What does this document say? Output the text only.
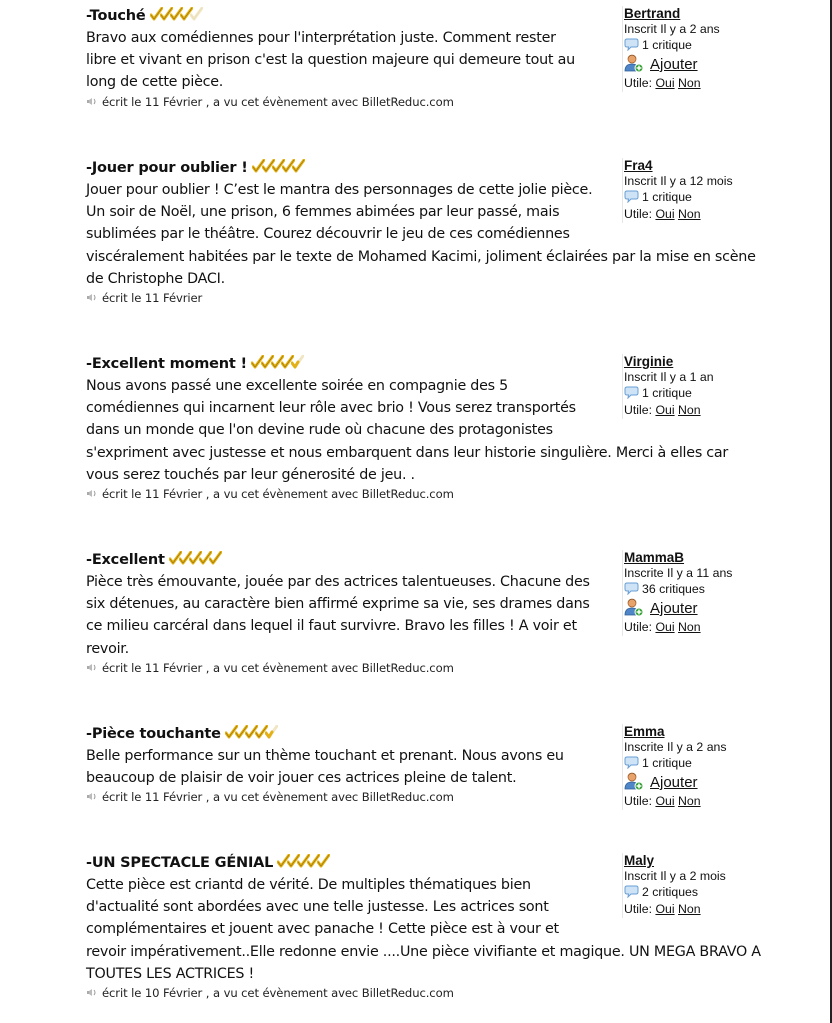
-Touché
Bravo aux comédiennes pour l'interprétation juste. Comment rester
libre et vivant en prison c'est la question majeure qui demeure tout au
long de cette pièce.
écrit le 11 Février , a vu cet évènement avec BilletReduc.com
Bertrand
Inscrit Il y a 2 ans
1 critique
Ajouter
Utile: Oui Non
-Jouer pour oublier !
Jouer pour oublier ! C’est le mantra des personnages de cette jolie pièce.
Un soir de Noël, une prison, 6 femmes abimées par leur passé, mais
sublimées par le théâtre. Courez découvrir le jeu de ces comédiennes
viscéralement habitées par le texte de Mohamed Kacimi, joliment éclairées par la mise en scène
de Christophe DACI.
écrit le 11 Février
Fra4
Inscrit Il y a 12 mois
1 critique
Utile: Oui Non
-Excellent moment !
Nous avons passé une excellente soirée en compagnie des 5
comédiennes qui incarnent leur rôle avec brio ! Vous serez transportés
dans un monde que l'on devine rude où chacune des protagonistes
s'expriment avec justesse et nous embarquent dans leur historie singulière. Merci à elles car
vous serez touchés par leur génerosité de jeu. .
écrit le 11 Février , a vu cet évènement avec BilletReduc.com
Virginie
Inscrit Il y a 1 an
1 critique
Utile: Oui Non
-Excellent
Pièce très émouvante, jouée par des actrices talentueuses. Chacune des
six détenues, au caractère bien affirmé exprime sa vie, ses drames dans
ce milieu carcéral dans lequel il faut survivre. Bravo les filles ! A voir et
revoir.
écrit le 11 Février , a vu cet évènement avec BilletReduc.com
MammaB
Inscrite Il y a 11 ans
36 critiques
Ajouter
Utile: Oui Non
-Pièce touchante
Belle performance sur un thème touchant et prenant. Nous avons eu
beaucoup de plaisir de voir jouer ces actrices pleine de talent.
écrit le 11 Février , a vu cet évènement avec BilletReduc.com
Emma
Inscrite Il y a 2 ans
1 critique
Ajouter
Utile: Oui Non
-UN SPECTACLE GÉNIAL
Cette pièce est criantd de vérité. De multiples thématiques bien
d'actualité sont abordées avec une telle justesse. Les actrices sont
complémentaires et jouent avec panache ! Cette pièce est à vour et
revoir impérativement..Elle redonne envie ....Une pièce vivifiante et magique. UN MEGA BRAVO A
TOUTES LES ACTRICES !
écrit le 10 Février , a vu cet évènement avec BilletReduc.com
Maly
Inscrit Il y a 2 mois
2 critiques
Utile: Oui Non
